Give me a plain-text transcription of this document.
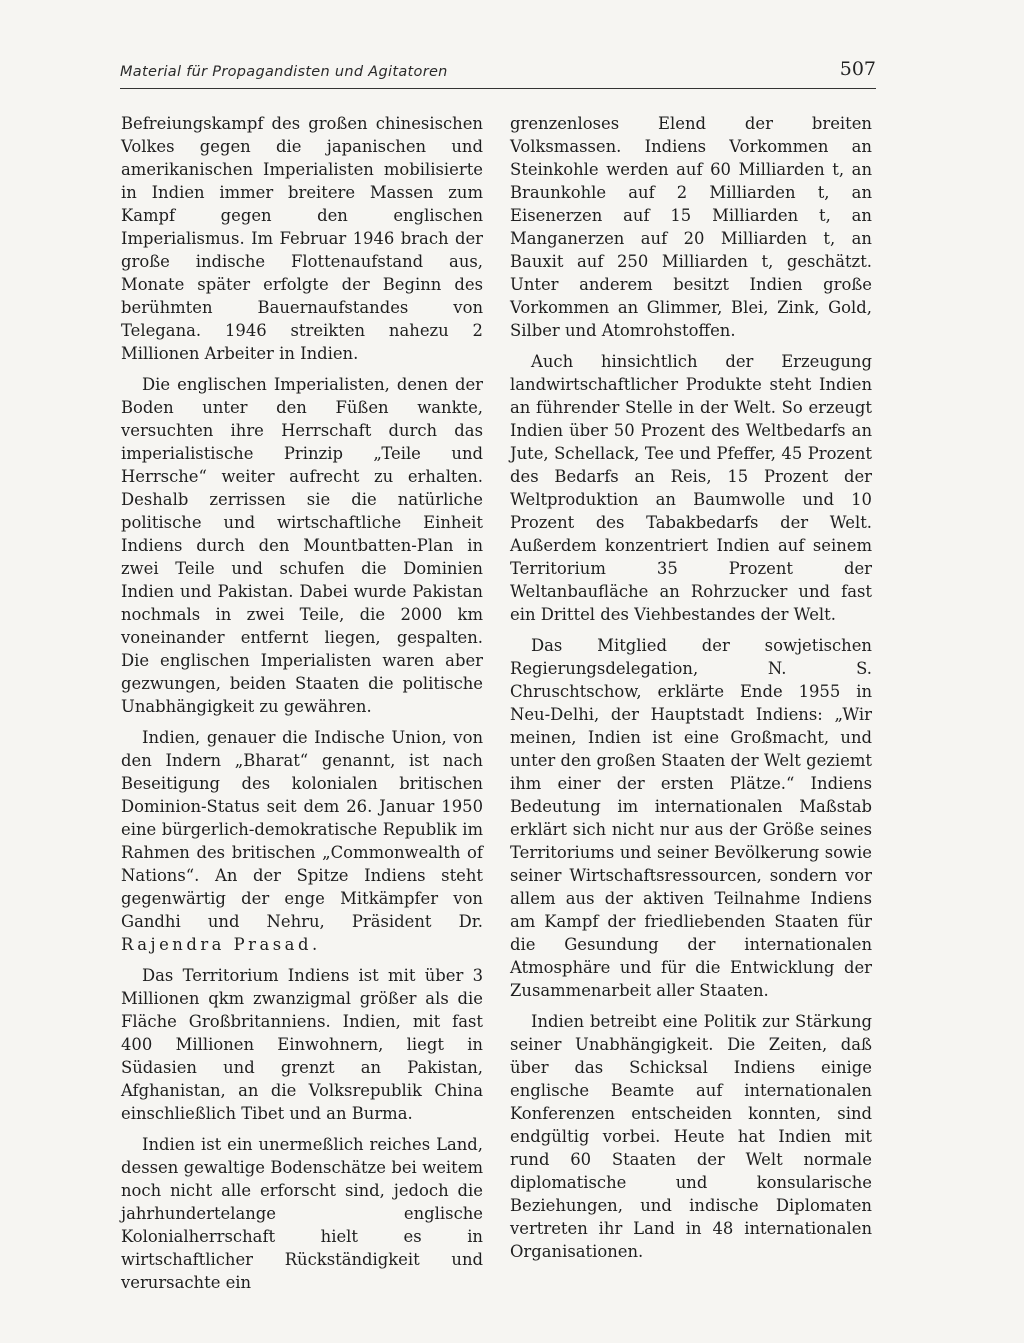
Material für Propagandisten und Agitatoren	507

Befreiungskampf des großen chinesischen Volkes gegen die japanischen und amerikanischen Imperialisten mobilisierte in Indien immer breitere Massen zum Kampf gegen den englischen Imperialismus. Im Februar 1946 brach der große indische Flottenaufstand aus, Monate später erfolgte der Beginn des berühmten Bauernaufstandes von Telegana. 1946 streikten nahezu 2 Millionen Arbeiter in Indien.

Die englischen Imperialisten, denen der Boden unter den Füßen wankte, versuchten ihre Herrschaft durch das imperialistische Prinzip „Teile und Herrsche“ weiter aufrecht zu erhalten. Deshalb zerrissen sie die natürliche politische und wirtschaftliche Einheit Indiens durch den Mountbatten-Plan in zwei Teile und schufen die Dominien Indien und Pakistan. Dabei wurde Pakistan nochmals in zwei Teile, die 2000 km voneinander entfernt liegen, gespalten. Die englischen Imperialisten waren aber gezwungen, beiden Staaten die politische Unabhängigkeit zu gewähren.

Indien, genauer die Indische Union, von den Indern „Bharat“ genannt, ist nach Beseitigung des kolonialen britischen Dominion-Status seit dem 26. Januar 1950 eine bürgerlich-demokratische Republik im Rahmen des britischen „Commonwealth of Nations“. An der Spitze Indiens steht gegenwärtig der enge Mitkämpfer von Gandhi und Nehru, Präsident Dr. Rajendra Prasad.

Das Territorium Indiens ist mit über 3 Millionen qkm zwanzigmal größer als die Fläche Großbritanniens. Indien, mit fast 400 Millionen Einwohnern, liegt in Südasien und grenzt an Pakistan, Afghanistan, an die Volksrepublik China einschließlich Tibet und an Burma.

Indien ist ein unermeßlich reiches Land, dessen gewaltige Bodenschätze bei weitem noch nicht alle erforscht sind, jedoch die jahrhundertelange englische Kolonialherrschaft hielt es in wirtschaftlicher Rückständigkeit und verursachte ein

grenzenloses Elend der breiten Volksmassen. Indiens Vorkommen an Steinkohle werden auf 60 Milliarden t, an Braunkohle auf 2 Milliarden t, an Eisenerzen auf 15 Milliarden t, an Manganerzen auf 20 Milliarden t, an Bauxit auf 250 Milliarden t, geschätzt. Unter anderem besitzt Indien große Vorkommen an Glimmer, Blei, Zink, Gold, Silber und Atomrohstoffen.

Auch hinsichtlich der Erzeugung landwirtschaftlicher Produkte steht Indien an führender Stelle in der Welt. So erzeugt Indien über 50 Prozent des Weltbedarfs an Jute, Schellack, Tee und Pfeffer, 45 Prozent des Bedarfs an Reis, 15 Prozent der Weltproduktion an Baumwolle und 10 Prozent des Tabakbedarfs der Welt. Außerdem konzentriert Indien auf seinem Territorium 35 Prozent der Weltanbaufläche an Rohrzucker und fast ein Drittel des Viehbestandes der Welt.

Das Mitglied der sowjetischen Regierungsdelegation, N. S. Chruschtschow, erklärte Ende 1955 in Neu-Delhi, der Hauptstadt Indiens: „Wir meinen, Indien ist eine Großmacht, und unter den großen Staaten der Welt geziemt ihm einer der ersten Plätze.“ Indiens Bedeutung im internationalen Maßstab erklärt sich nicht nur aus der Größe seines Territoriums und seiner Bevölkerung sowie seiner Wirtschaftsressourcen, sondern vor allem aus der aktiven Teilnahme Indiens am Kampf der friedliebenden Staaten für die Gesundung der internationalen Atmosphäre und für die Entwicklung der Zusammenarbeit aller Staaten.

Indien betreibt eine Politik zur Stärkung seiner Unabhängigkeit. Die Zeiten, daß über das Schicksal Indiens einige englische Beamte auf internationalen Konferenzen entscheiden konnten, sind endgültig vorbei. Heute hat Indien mit rund 60 Staaten der Welt normale diplomatische und konsularische Beziehungen, und indische Diplomaten vertreten ihr Land in 48 internationalen Organisationen.
